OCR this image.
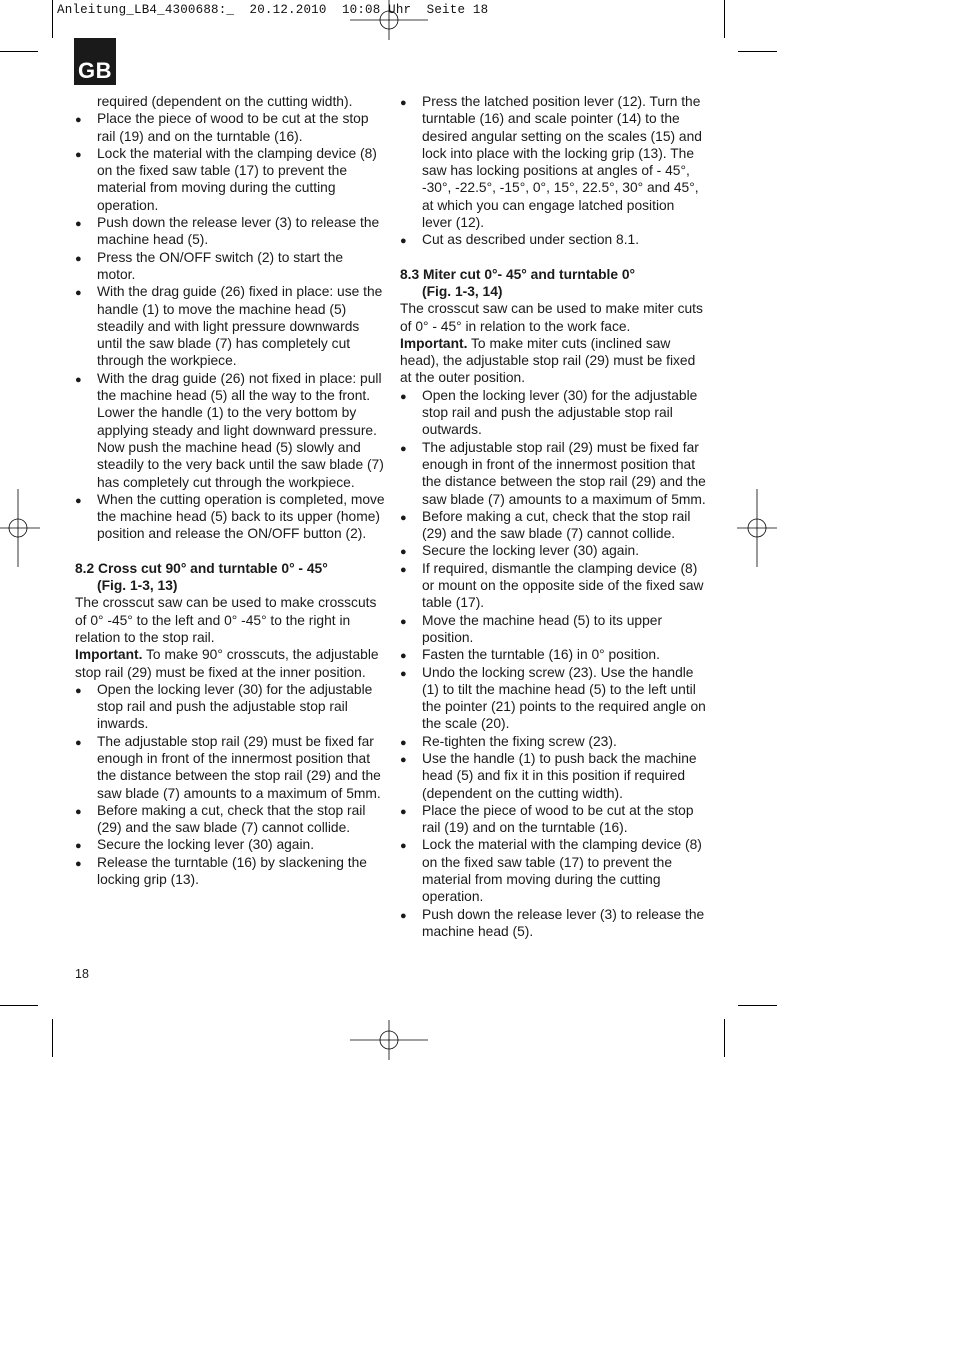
Anleitung_LB4_4300688:_  20.12.2010  10:08 Uhr  Seite 18
GB

required (dependent on the cutting width).

● Place the piece of wood to be cut at the stop rail (19) and on the turntable (16).

● Lock the material with the clamping device (8) on the fixed saw table (17) to prevent the material from moving during the cutting operation.

● Push down the release lever (3) to release the machine head (5).

● Press the ON/OFF switch (2) to start the motor.

● With the drag guide (26) fixed in place: use the handle (1) to move the machine head (5) steadily and with light pressure downwards until the saw blade (7) has completely cut through the workpiece.

● With the drag guide (26) not fixed in place: pull the machine head (5) all the way to the front. Lower the handle (1) to the very bottom by applying steady and light downward pressure. Now push the machine head (5) slowly and steadily to the very back until the saw blade (7) has completely cut through the workpiece.

● When the cutting operation is completed, move the machine head (5) back to its upper (home) position and release the ON/OFF button (2).

8.2 Cross cut 90° and turntable 0° - 45°

(Fig. 1-3, 13)

The crosscut saw can be used to make crosscuts of 0° -45° to the left and 0° -45° to the right in relation to the stop rail.

Important. To make 90° crosscuts, the adjustable stop rail (29) must be fixed at the inner position.

● Open the locking lever (30) for the adjustable stop rail and push the adjustable stop rail inwards.

● The adjustable stop rail (29) must be fixed far enough in front of the innermost position that the distance between the stop rail (29) and the saw blade (7) amounts to a maximum of 5mm.

● Before making a cut, check that the stop rail (29) and the saw blade (7) cannot collide.

● Secure the locking lever (30) again.

● Release the turntable (16) by slackening the locking grip (13).

● Press the latched position lever (12). Turn the turntable (16) and scale pointer (14) to the desired angular setting on the scales (15) and lock into place with the locking grip (13). The saw has locking positions at angles of - 45°, -30°, -22.5°, -15°, 0°, 15°, 22.5°, 30° and 45°, at which you can engage latched position lever (12).

● Cut as described under section 8.1.

8.3 Miter cut 0°- 45° and turntable 0°

(Fig. 1-3, 14)

The crosscut saw can be used to make miter cuts of 0° - 45° in relation to the work face.

Important. To make miter cuts (inclined saw head), the adjustable stop rail (29) must be fixed at the outer position.

● Open the locking lever (30) for the adjustable stop rail and push the adjustable stop rail outwards.

● The adjustable stop rail (29) must be fixed far enough in front of the innermost position that the distance between the stop rail (29) and the saw blade (7) amounts to a maximum of 5mm.

● Before making a cut, check that the stop rail (29) and the saw blade (7) cannot collide.

● Secure the locking lever (30) again.

● If required, dismantle the clamping device (8) or mount on the opposite side of the fixed saw table (17).

● Move the machine head (5) to its upper position.

● Fasten the turntable (16) in 0° position.

● Undo the locking screw (23). Use the handle (1) to tilt the machine head (5) to the left until the pointer (21) points to the required angle on the scale (20).

● Re-tighten the fixing screw (23).

● Use the handle (1) to push back the machine head (5) and fix it in this position if required (dependent on the cutting width).

● Place the piece of wood to be cut at the stop rail (19) and on the turntable (16).

● Lock the material with the clamping device (8) on the fixed saw table (17) to prevent the material from moving during the cutting operation.

● Push down the release lever (3) to release the machine head (5).

18
